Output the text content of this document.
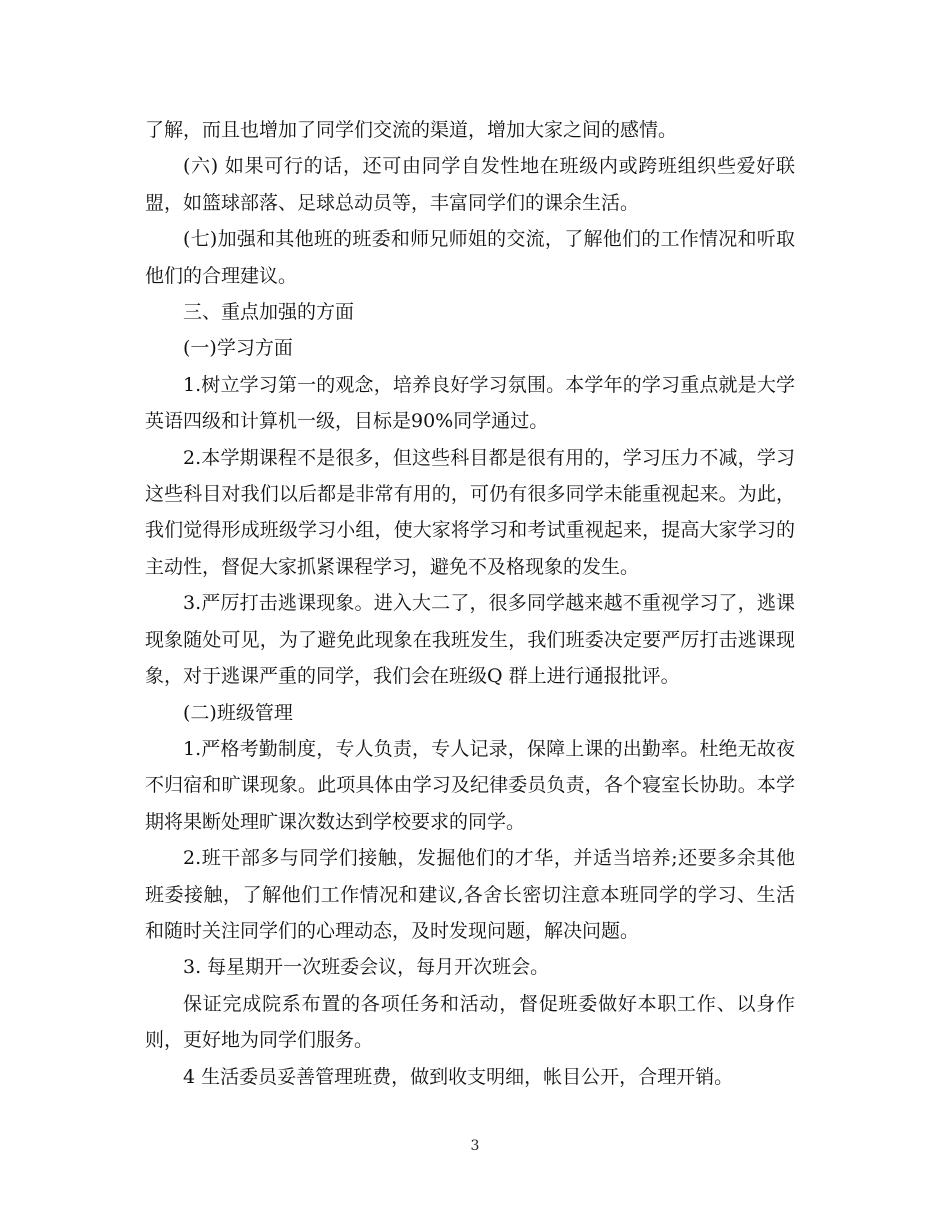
了解，而且也增加了同学们交流的渠道，增加大家之间的感情。

(六) 如果可行的话，还可由同学自发性地在班级内或跨班组织些爱好联盟，如篮球部落、足球总动员等，丰富同学们的课余生活。

(七)加强和其他班的班委和师兄师姐的交流，了解他们的工作情况和听取 他们的合理建议。

三、重点加强的方面

(一)学习方面

1.树立学习第一的观念，培养良好学习氛围。本学年的学习重点就是大学英语四级和计算机一级，目标是90%同学通过。

2.本学期课程不是很多，但这些科目都是很有用的，学习压力不减，学习这些科目对我们以后都是非常有用的，可仍有很多同学未能重视起来。为此，我们觉得形成班级学习小组，使大家将学习和考试重视起来，提高大家学习的主动性，督促大家抓紧课程学习，避免不及格现象的发生。

3.严厉打击逃课现象。进入大二了，很多同学越来越不重视学习了，逃课现象随处可见，为了避免此现象在我班发生，我们班委决定要严厉打击逃课现象，对于逃课严重的同学，我们会在班级Q 群上进行通报批评。

(二)班级管理

1.严格考勤制度，专人负责，专人记录，保障上课的出勤率。杜绝无故夜不归宿和旷课现象。此项具体由学习及纪律委员负责，各个寝室长协助。本学期将果断处理旷课次数达到学校要求的同学。

2.班干部多与同学们接触，发掘他们的才华，并适当培养;还要多余其他班委接触，了解他们工作情况和建议,各舍长密切注意本班同学的学习、生活和随时关注同学们的心理动态，及时发现问题，解决问题。

3. 每星期开一次班委会议，每月开次班会。

保证完成院系布置的各项任务和活动，督促班委做好本职工作、以身作则，更好地为同学们服务。

4 生活委员妥善管理班费，做到收支明细，帐目公开，合理开销。

3
